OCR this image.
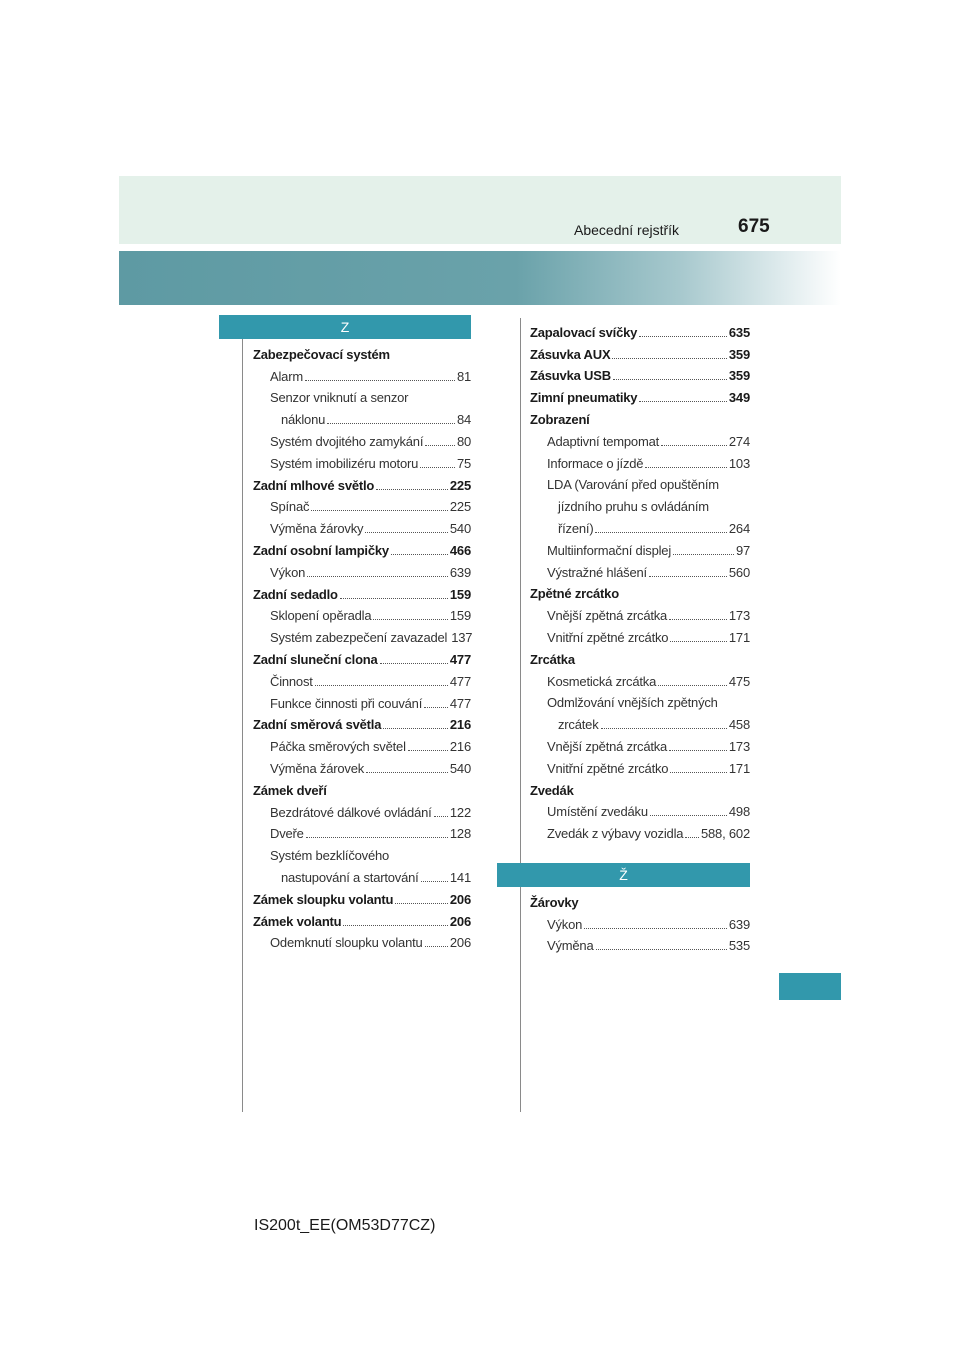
Abecední rejstřík	675
Z
Zabezpečovací systém
Alarm	81
Senzor vniknutí a senzor
náklonu	84
Systém dvojitého zamykání	80
Systém imobilizéru motoru	75
Zadní mlhové světlo	225
Spínač	225
Výměna žárovky	540
Zadní osobní lampičky	466
Výkon	639
Zadní sedadlo	159
Sklopení opěradla	159
Systém zabezpečení zavazadel 137
Zadní sluneční clona	477
Činnost	477
Funkce činnosti při couvání 477
Zadní směrová světla	216
Páčka směrových světel	216
Výměna žárovek	540
Zámek dveří
Bezdrátové dálkové ovládání 122
Dveře	128
Systém bezklíčového
nastupování a startování 141
Zámek sloupku volantu	206
Zámek volantu	206
Odemknutí sloupku volantu 206
Zapalovací svíčky	635
Zásuvka AUX	359
Zásuvka USB	359
Zimní pneumatiky	349
Zobrazení
Adaptivní tempomat	274
Informace o jízdě	103
LDA (Varování před opuštěním
jízdního pruhu s ovládáním
řízení)	264
Multiinformační displej	97
Výstražné hlášení	560
Zpětné zrcátko
Vnější zpětná zrcátka	173
Vnitřní zpětné zrcátko	171
Zrcátka
Kosmetická zrcátka	475
Odmlžování vnějších zpětných
zrcátek	458
Vnější zpětná zrcátka	173
Vnitřní zpětné zrcátko	171
Zvedák
Umístění zvedáku	498
Zvedák z výbavy vozidla 588, 602
Ž
Žárovky
Výkon	639
Výměna	535
IS200t_EE(OM53D77CZ)
